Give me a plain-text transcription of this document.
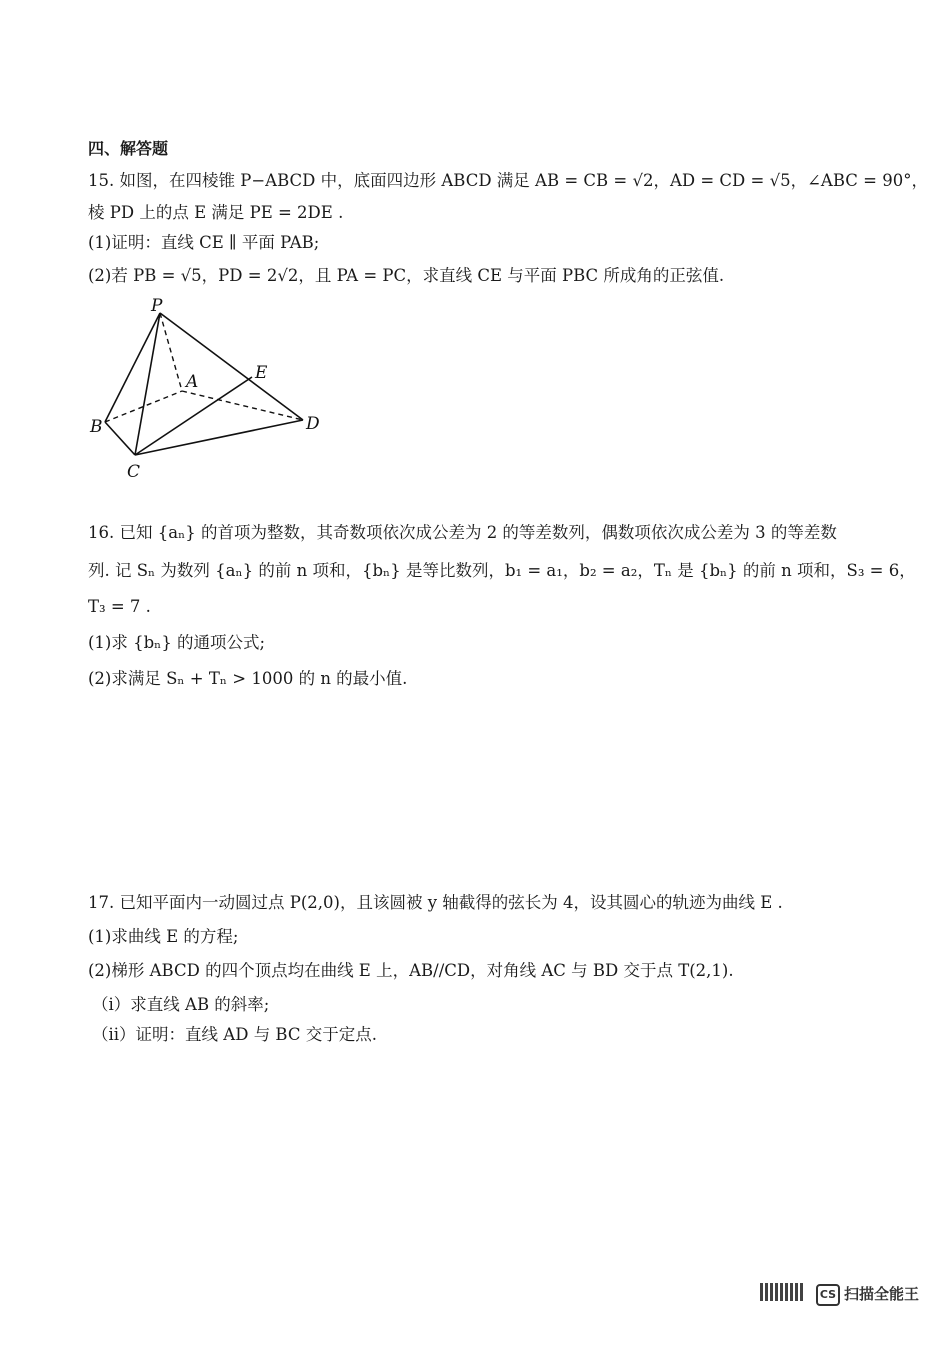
四、解答题
15. 如图，在四棱锥 P−ABCD 中，底面四边形 ABCD 满足 AB = CB = √2，AD = CD = √5，∠ABC = 90°，
棱 PD 上的点 E 满足 PE = 2DE .
(1)证明：直线 CE ∥ 平面 PAB;
(2)若 PB = √5，PD = 2√2，且 PA = PC，求直线 CE 与平面 PBC 所成角的正弦值.
P
A	E
B	D
C
16. 已知 {aₙ} 的首项为整数，其奇数项依次成公差为 2 的等差数列，偶数项依次成公差为 3 的等差数
列. 记 Sₙ 为数列 {aₙ} 的前 n 项和，{bₙ} 是等比数列，b₁ = a₁，b₂ = a₂，Tₙ 是 {bₙ} 的前 n 项和，S₃ = 6，
T₃ = 7 .
(1)求 {bₙ} 的通项公式;
(2)求满足 Sₙ + Tₙ > 1000 的 n 的最小值.
17. 已知平面内一动圆过点 P(2,0)，且该圆被 y 轴截得的弦长为 4，设其圆心的轨迹为曲线 E .
(1)求曲线 E 的方程;
(2)梯形 ABCD 的四个顶点均在曲线 E 上，AB//CD，对角线 AC 与 BD 交于点 T(2,1).
（i）求直线 AB 的斜率;
（ii）证明：直线 AD 与 BC 交于定点.
CS 扫描全能王
